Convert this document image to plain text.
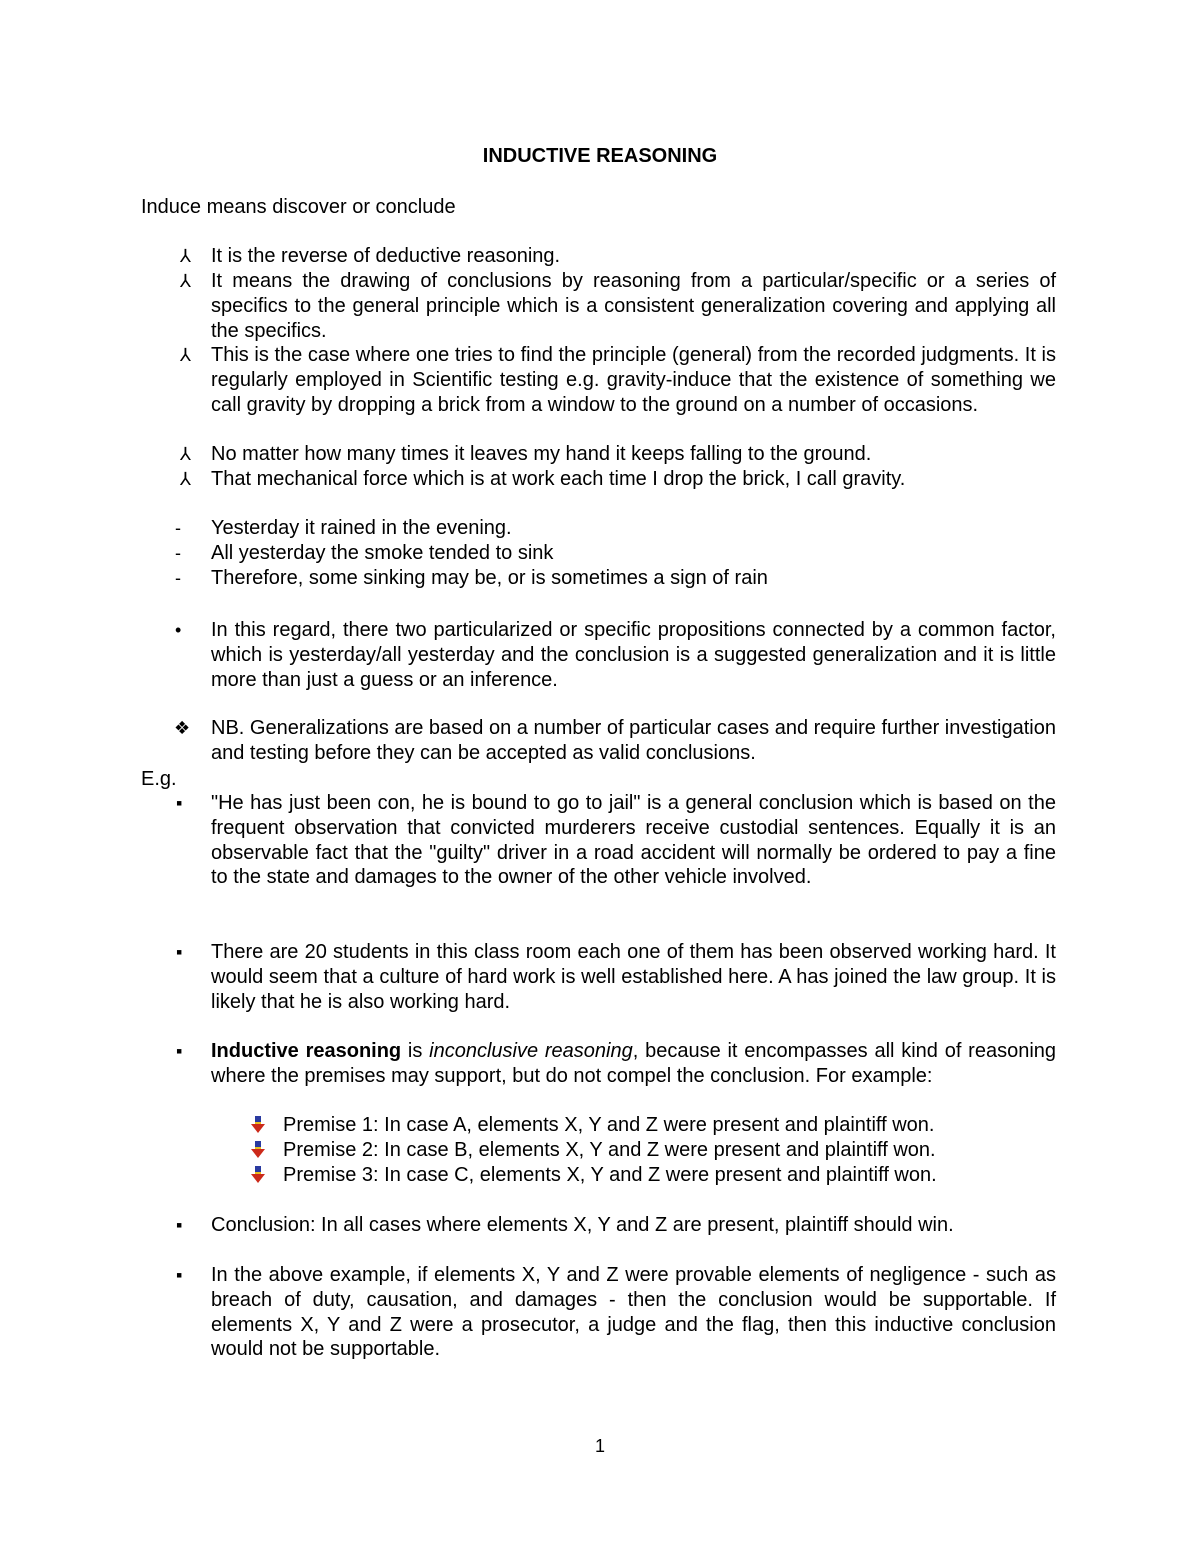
INDUCTIVE REASONING
Induce means discover or conclude
⅄	It is the reverse of deductive reasoning.
⅄	It means the drawing of conclusions by reasoning from a particular/specific or a series of specifics to the general principle which is a consistent generalization covering and applying all the specifics.
⅄	This is the case where one tries to find the principle (general) from the recorded judgments. It is regularly employed in Scientific testing e.g. gravity-induce that the existence of something we call gravity by dropping a brick from a window to the ground on a number of occasions.
⅄	No matter how many times it leaves my hand it keeps falling to the ground.
⅄	That mechanical force which is at work each time I drop the brick, I call gravity.
-	Yesterday it rained in the evening.
-	All yesterday the smoke tended to sink
-	Therefore, some sinking may be, or is sometimes a sign of rain
•	In this regard, there two particularized or specific propositions connected by a common factor, which is yesterday/all yesterday and the conclusion is a suggested generalization and it is little more than just a guess or an inference.
❖	NB. Generalizations are based on a number of particular cases and require further investigation and testing before they can be accepted as valid conclusions.
E.g.
▪	"He has just been con, he is bound to go to jail" is a general conclusion which is based on the frequent observation that convicted murderers receive custodial sentences. Equally it is an observable fact that the "guilty" driver in a road accident will normally be ordered to pay a fine to the state and damages to the owner of the other vehicle involved.
▪	There are 20 students in this class room each one of them has been observed working hard. It would seem that a culture of hard work is well established here. A has joined the law group. It is likely that he is also working hard.
▪	Inductive reasoning is inconclusive reasoning, because it encompasses all kind of reasoning where the premises may support, but do not compel the conclusion. For example:
Premise 1: In case A, elements X, Y and Z were present and plaintiff won.
Premise 2: In case B, elements X, Y and Z were present and plaintiff won.
Premise 3: In case C, elements X, Y and Z were present and plaintiff won.
▪	Conclusion: In all cases where elements X, Y and Z are present, plaintiff should win.
▪	In the above example, if elements X, Y and Z were provable elements of negligence - such as breach of duty, causation, and damages - then the conclusion would be supportable. If elements X, Y and Z were a prosecutor, a judge and the flag, then this inductive conclusion would not be supportable.
1
